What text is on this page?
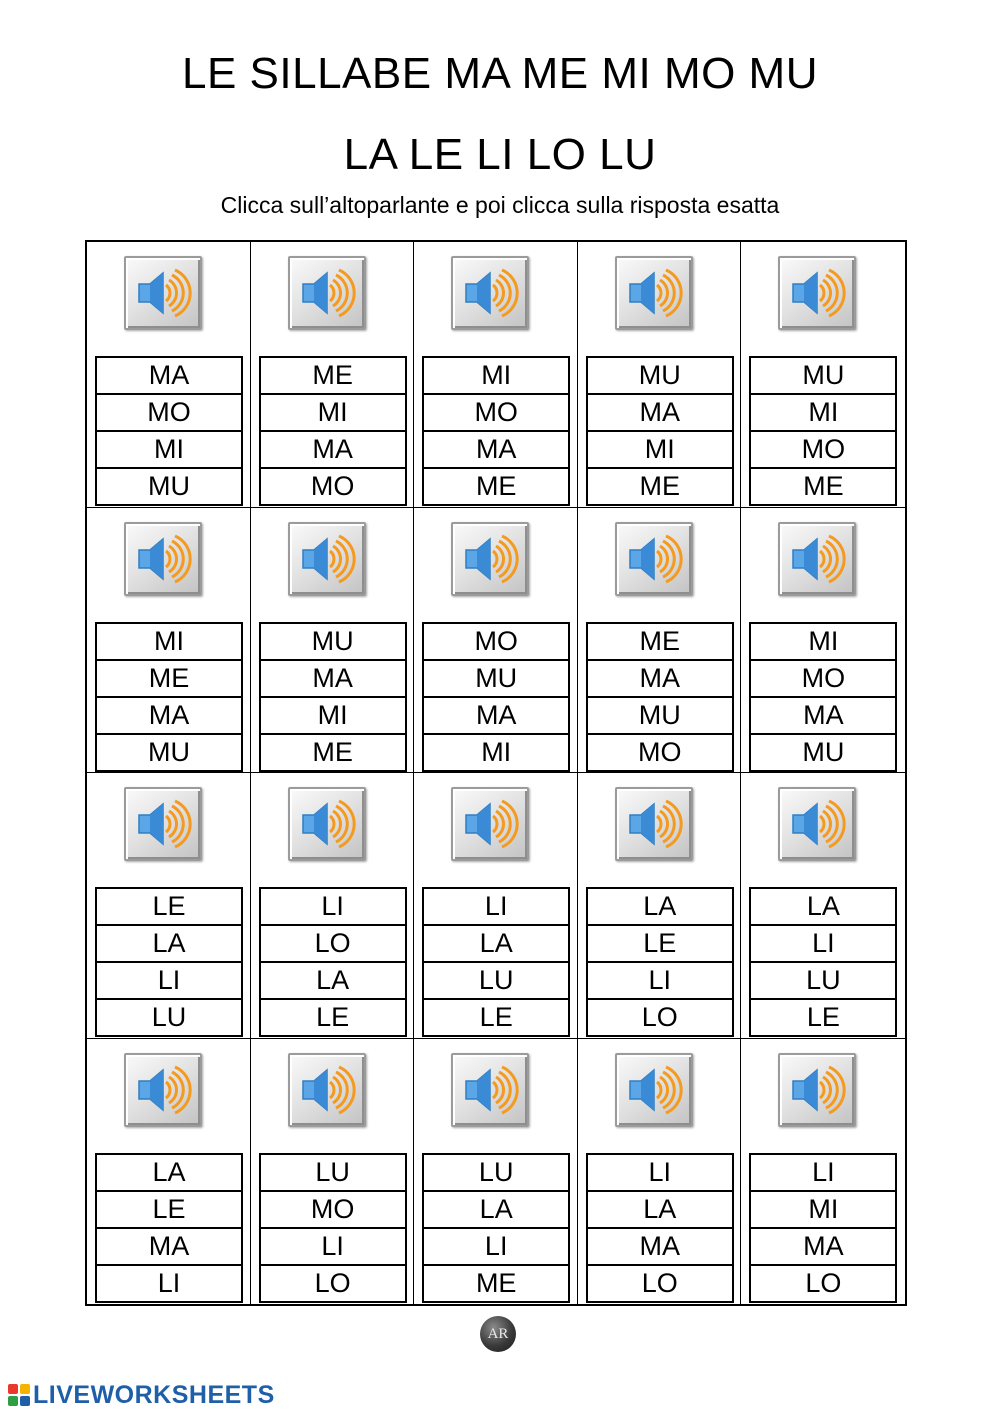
LE SILLABE MA ME MI MO MU
LA LE LI LO LU
Clicca sull’altoparlante e poi clicca sulla risposta esatta
MA
MO
MI
MU
ME
MI
MA
MO
MI
MO
MA
ME
MU
MA
MI
ME
MU
MI
MO
ME
MI
ME
MA
MU
MU
MA
MI
ME
MO
MU
MA
MI
ME
MA
MU
MO
MI
MO
MA
MU
LE
LA
LI
LU
LI
LO
LA
LE
LI
LA
LU
LE
LA
LE
LI
LO
LA
LI
LU
LE
LA
LE
MA
LI
LU
MO
LI
LO
LU
LA
LI
ME
LI
LA
MA
LO
LI
MI
MA
LO
AR
LIVEWORKSHEETS
